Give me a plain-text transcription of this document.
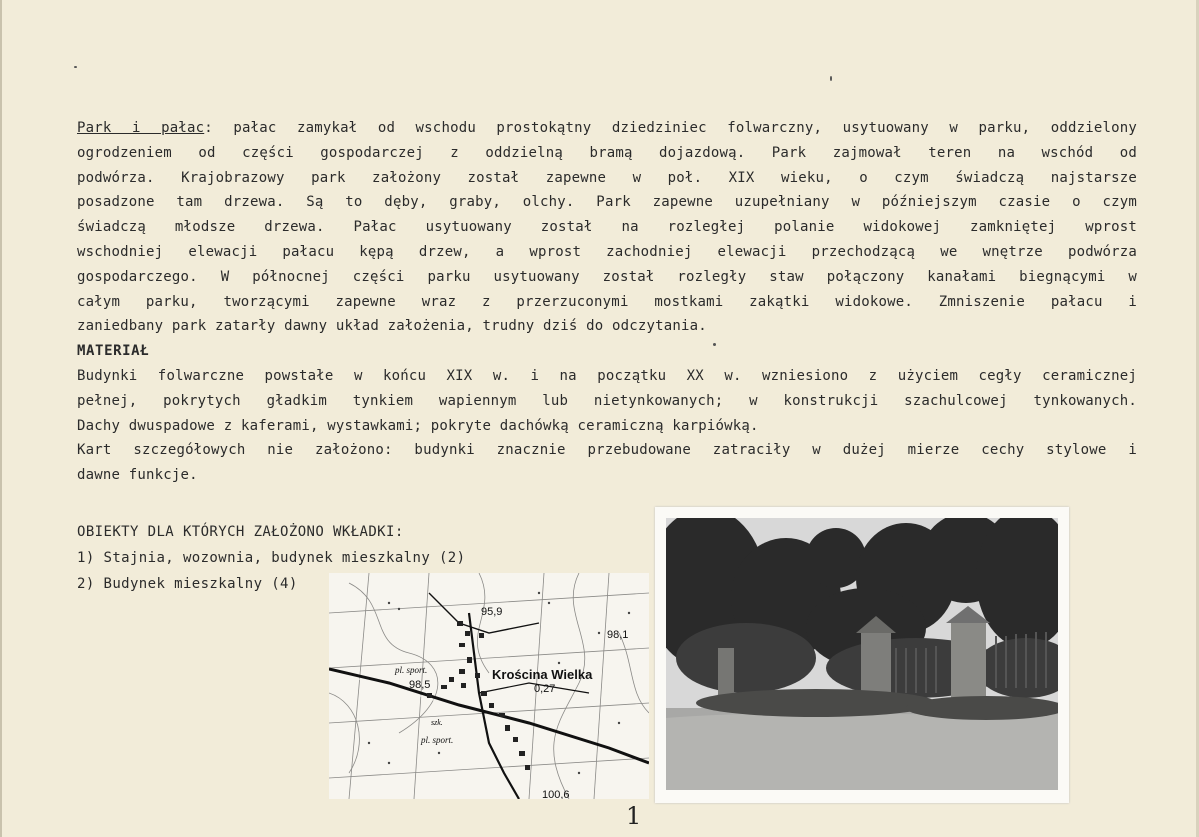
Park i pałac: pałac zamykał od wschodu prostokątny dziedziniec folwarczny, usytuowany w parku, oddzielony
ogrodzeniem od części gospodarczej z oddzielną bramą dojazdową. Park zajmował teren na wschód od
podwórza. Krajobrazowy park założony został zapewne w poł. XIX wieku, o czym świadczą najstarsze
posadzone tam drzewa. Są to dęby, graby, olchy. Park zapewne uzupełniany w późniejszym czasie o czym
świadczą młodsze drzewa. Pałac usytuowany został na rozległej polanie widokowej zamkniętej wprost
wschodniej elewacji pałacu kępą drzew, a wprost zachodniej elewacji przechodzącą we wnętrze podwórza
gospodarczego. W północnej części parku usytuowany został rozległy staw połączony kanałami biegnącymi w
całym parku, tworzącymi zapewne wraz z przerzuconymi mostkami zakątki widokowe. Zmniszenie pałacu i
zaniedbany park zatarły dawny układ założenia, trudny dziś do odczytania.
MATERIAŁ
Budynki folwarczne powstałe w końcu XIX w. i na początku XX w. wzniesiono z użyciem cegły ceramicznej
pełnej, pokrytych gładkim tynkiem wapiennym lub nietynkowanych; w konstrukcji szachulcowej tynkowanych.
Dachy dwuspadowe z kaferami, wystawkami; pokryte dachówką ceramiczną karpiówką.
Kart szczegółowych nie założono: budynki znacznie przebudowane zatraciły w dużej mierze cechy stylowe i
dawne funkcje.
OBIEKTY DLA KTÓRYCH ZAŁOŻONO WKŁADKI:
1) Stajnia, wozownia, budynek mieszkalny (2)
2) Budynek mieszkalny (4)
95,9
98,1
98,5
100,6
Krościna Wielka
0,27
pl. sport.
pl. sport.
szk.
1
